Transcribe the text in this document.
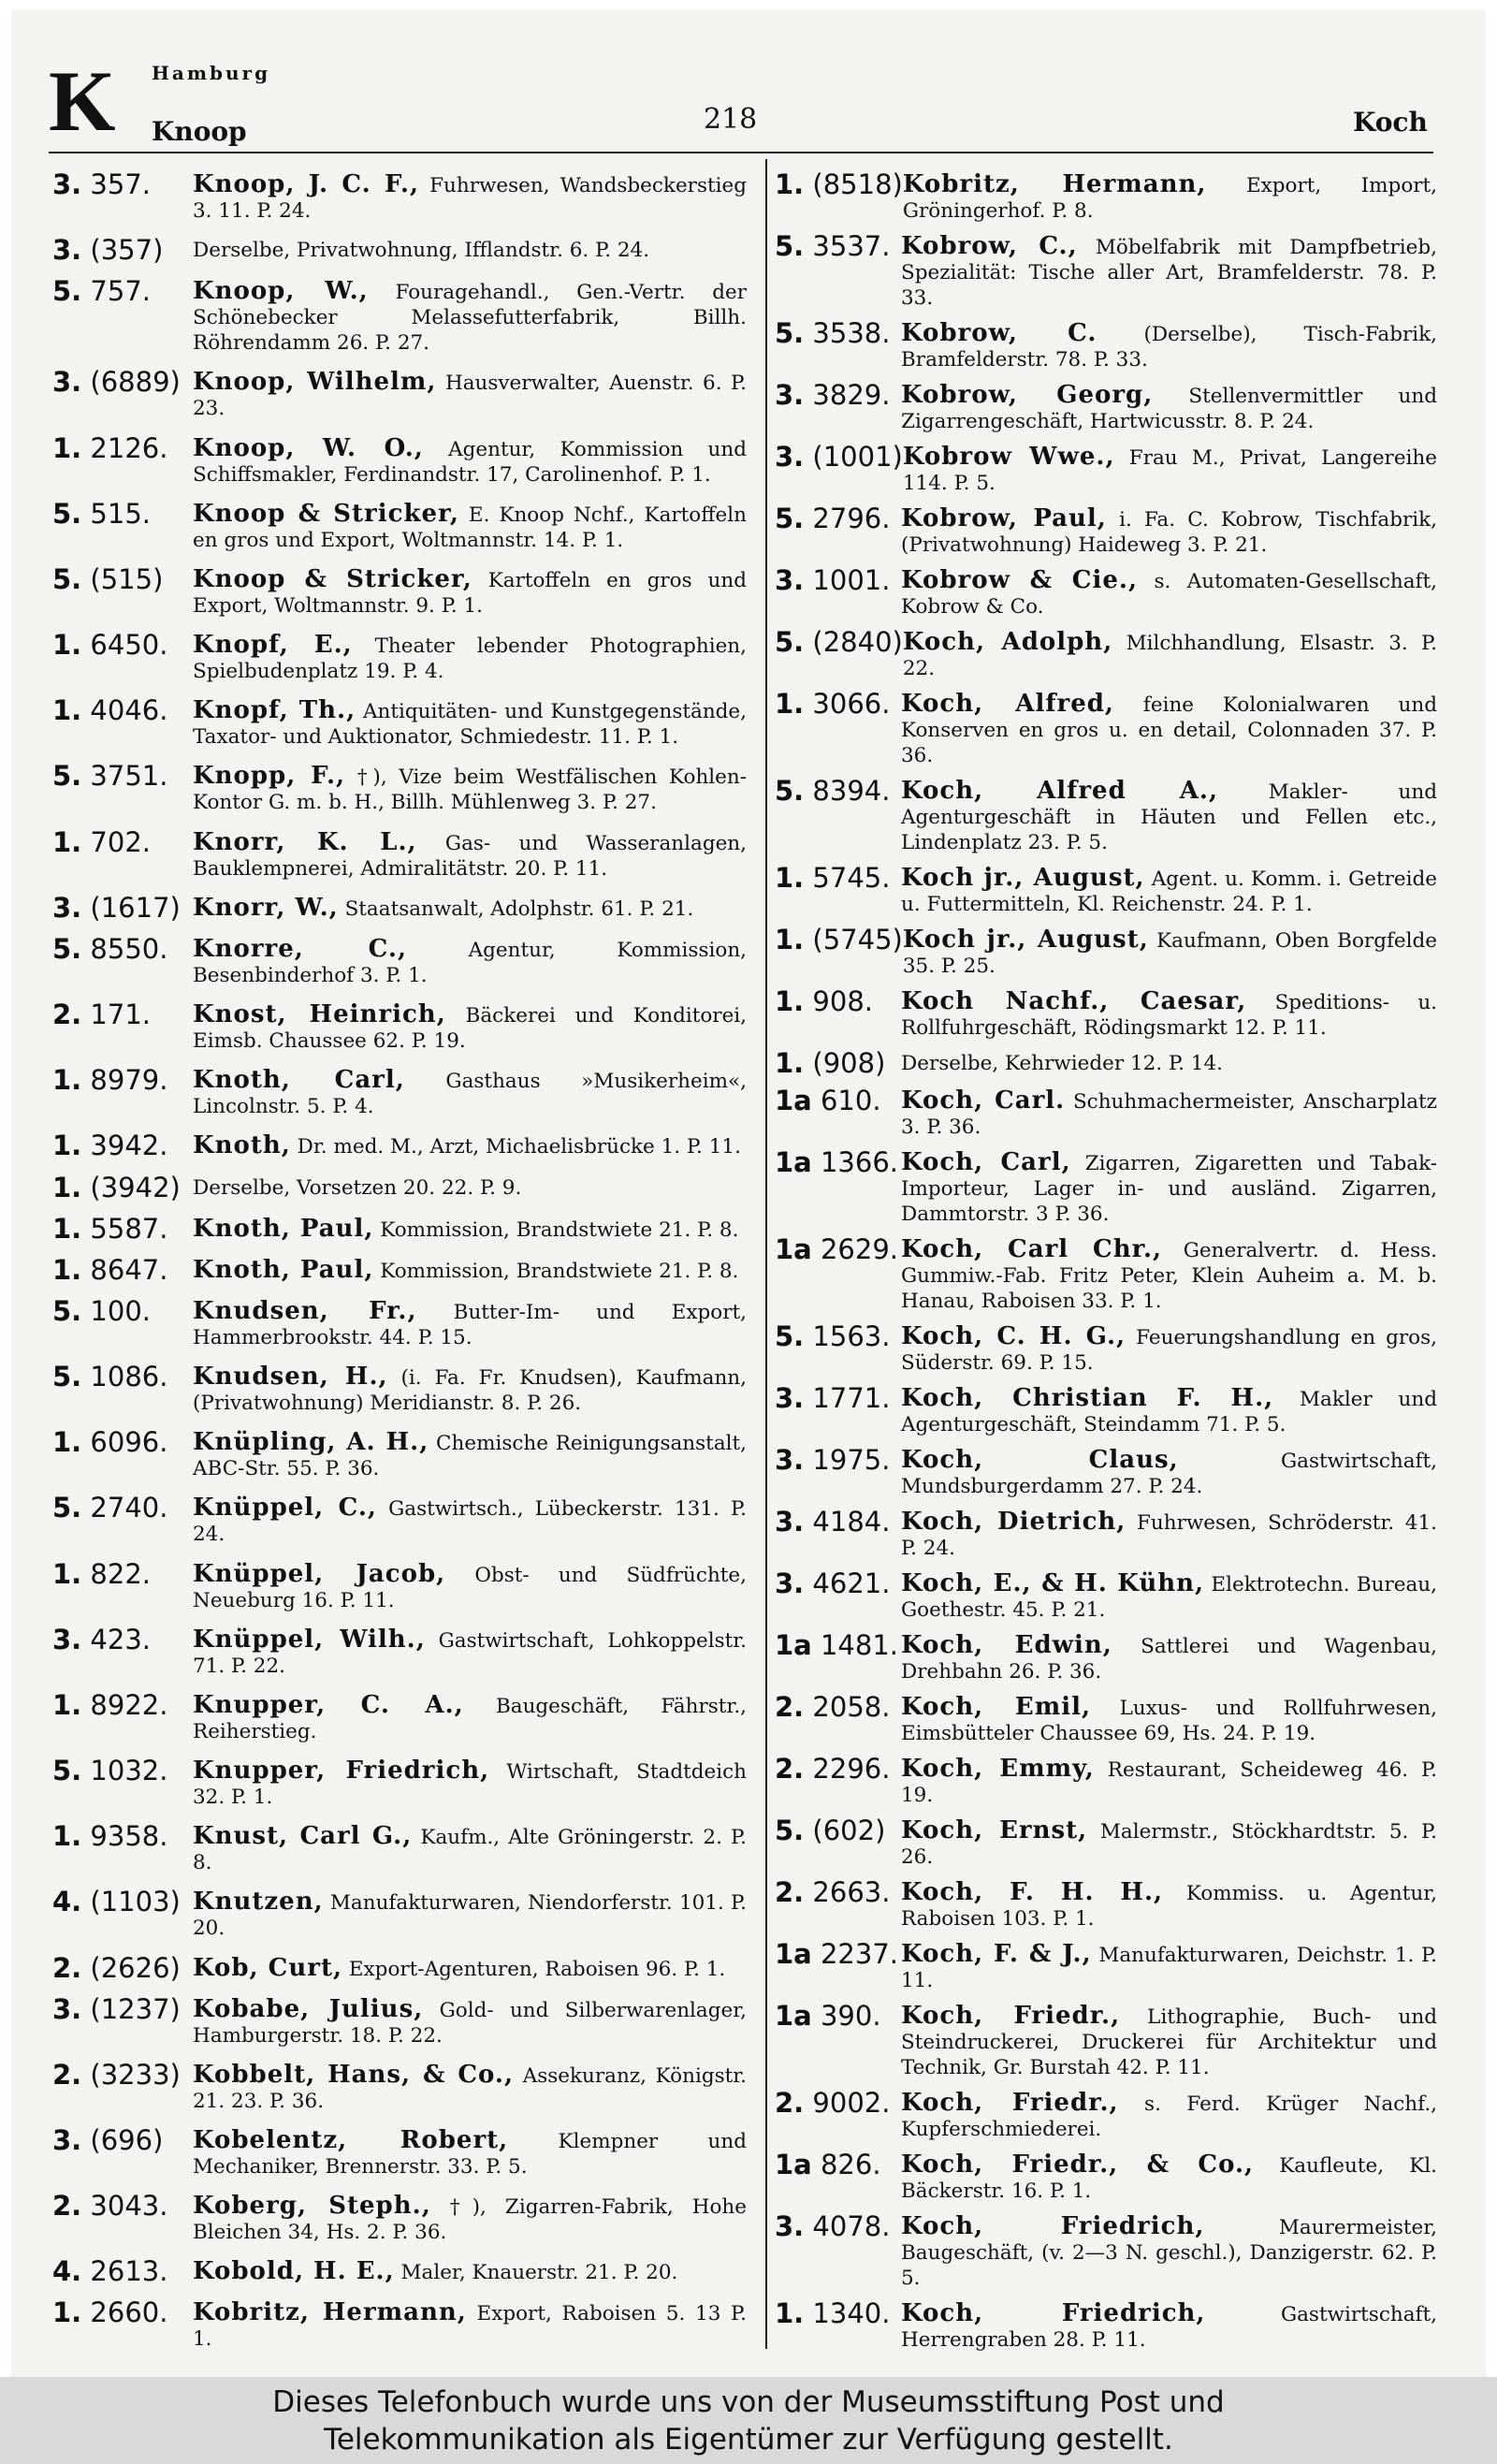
K Hamburg
Knoop	218	Koch
3. 357.	Knoop, J. C. F., Fuhrwesen, Wandsbeckerstieg 3. 11. P. 24.
3. (357)	Derselbe, Privatwohnung, Ifflandstr. 6. P. 24.
5. 757.	Knoop, W., Fouragehandl., Gen.-Vertr. der Schönebecker Melassefutterfabrik, Billh. Röhrendamm 26. P. 27.
3. (6889) Knoop, Wilhelm, Hausverwalter, Auenstr. 6. P. 23.
1. 2126.	Knoop, W. O., Agentur, Kommission und Schiffsmakler, Ferdinandstr. 17, Carolinenhof. P. 1.
5. 515.	Knoop & Stricker, E. Knoop Nchf., Kartoffeln en gros und Export, Woltmannstr. 14. P. 1.
5. (515)	Knoop & Stricker, Kartoffeln en gros und Export, Woltmannstr. 9. P. 1.
1. 6450.	Knopf, E., Theater lebender Photographien, Spielbudenplatz 19. P. 4.
1. 4046.	Knopf, Th., Antiquitäten- und Kunstgegenstände, Taxator- und Auktionator, Schmiedestr. 11. P. 1.
5. 3751.	Knopp, F., †), Vize beim Westfälischen Kohlen-Kontor G. m. b. H., Billh. Mühlenweg 3. P. 27.
1. 702.	Knorr, K. L., Gas- und Wasseranlagen, Bauklempnerei, Admiralitätstr. 20. P. 11.
3. (1617) Knorr, W., Staatsanwalt, Adolphstr. 61. P. 21.
5. 8550.	Knorre, C.,	Agentur, Kommission, Besenbinderhof 3. P. 1.
2. 171.	Knost, Heinrich, Bäckerei und Konditorei, Eimsb. Chaussee 62. P. 19.
1. 8979.	Knoth, Carl, Gasthaus »Musikerheim«, Lincolnstr. 5. P. 4.
1. 3942.	Knoth, Dr. med. M., Arzt, Michaelisbrücke 1. P. 11.
1. (3942) Derselbe, Vorsetzen 20. 22. P. 9.
1. 5587.	Knoth, Paul, Kommission, Brandstwiete 21. P. 8.
1. 8647.	Knoth, Paul, Kommission, Brandstwiete 21. P. 8.
5. 100.	Knudsen, Fr., Butter-Im- und Export, Hammerbrookstr. 44. P. 15.
5. 1086.	Knudsen, H., (i. Fa. Fr. Knudsen), Kaufmann, (Privatwohnung) Meridianstr. 8. P. 26.
1. 6096.	Knüpling, A. H., Chemische Reinigungsanstalt, ABC-Str. 55. P. 36.
5. 2740.	Knüppel, C., Gastwirtsch., Lübeckerstr. 131. P. 24.
1. 822.	Knüppel, Jacob, Obst- und Südfrüchte, Neueburg 16. P. 11.
3. 423.	Knüppel, Wilh., Gastwirtschaft, Lohkoppelstr. 71. P. 22.
1. 8922.	Knupper, C. A., Baugeschäft, Fährstr., Reiherstieg.
5. 1032.	Knupper, Friedrich, Wirtschaft, Stadtdeich 32. P. 1.
1. 9358.	Knust, Carl G., Kaufm., Alte Gröningerstr. 2. P. 8.
4. (1103) Knutzen, Manufakturwaren, Niendorferstr. 101. P. 20.
2. (2626) Kob, Curt, Export-Agenturen, Raboisen 96. P. 1.
3. (1237) Kobabe, Julius, Gold- und Silberwarenlager, Hamburgerstr. 18. P. 22.
2. (3233) Kobbelt, Hans, & Co., Assekuranz, Königstr. 21. 23. P. 36.
3. (696)	Kobelentz, Robert, Klempner und Mechaniker, Brennerstr. 33. P. 5.
2. 3043.	Koberg, Steph., †), Zigarren-Fabrik, Hohe Bleichen 34, Hs. 2. P. 36.
4. 2613.	Kobold, H. E., Maler, Knauerstr. 21. P. 20.
1. 2660.	Kobritz, Hermann, Export, Raboisen 5. 13 P. 1.
1. (8518) Kobritz, Hermann, Export, Import, Gröningerhof. P. 8.
5. 3537. Kobrow, C., Möbelfabrik mit Dampfbetrieb, Spezialität: Tische aller Art, Bramfelderstr. 78. P. 33.
5. 3538. Kobrow, C. (Derselbe), Tisch-Fabrik, Bramfelderstr. 78. P. 33.
3. 3829. Kobrow, Georg, Stellenvermittler und Zigarrengeschäft, Hartwicusstr. 8. P. 24.
3. (1001) Kobrow Wwe., Frau M., Privat, Langereihe 114. P. 5.
5. 2796. Kobrow, Paul, i. Fa. C. Kobrow, Tischfabrik, (Privatwohnung) Haideweg 3. P. 21.
3. 1001. Kobrow & Cie., s. Automaten-Gesellschaft, Kobrow & Co.
5. (2840) Koch, Adolph, Milchhandlung, Elsastr. 3. P. 22.
1. 3066. Koch, Alfred, feine Kolonialwaren und Konserven en gros u. en detail, Colonnaden 37. P. 36.
5. 8394. Koch, Alfred A.,	Makler- und Agenturgeschäft in Häuten und Fellen etc., Lindenplatz 23. P. 5.
1. 5745. Koch jr., August, Agent. u. Komm. i. Getreide u. Futtermitteln, Kl. Reichenstr. 24. P. 1.
1. (5745) Koch jr., August, Kaufmann, Oben Borgfelde 35. P. 25.
1. 908.	Koch Nachf., Caesar, Speditions- u. Rollfuhrgeschäft, Rödingsmarkt 12. P. 11.
1. (908) Derselbe, Kehrwieder 12. P. 14.
1a 610. Koch, Carl. Schuhmachermeister, Anscharplatz 3. P. 36.
1a 1366. Koch, Carl, Zigarren, Zigaretten und Tabak-Importeur, Lager in- und ausländ. Zigarren, Dammtorstr. 3 P. 36.
1a 2629. Koch, Carl Chr., Generalvertr. d. Hess. Gummiw.-Fab. Fritz Peter, Klein Auheim a. M. b. Hanau, Raboisen 33. P. 1.
5. 1563. Koch, C. H. G., Feuerungshandlung en gros, Süderstr. 69. P. 15.
3. 1771. Koch, Christian F. H., Makler und Agenturgeschäft, Steindamm 71. P. 5.
3. 1975. Koch, Claus,	Gastwirtschaft, Mundsburgerdamm 27. P. 24.
3. 4184. Koch, Dietrich, Fuhrwesen, Schröderstr. 41. P. 24.
3. 4621. Koch, E., & H. Kühn, Elektrotechn. Bureau, Goethestr. 45. P. 21.
1a 1481. Koch, Edwin, Sattlerei und Wagenbau, Drehbahn 26. P. 36.
2. 2058. Koch, Emil, Luxus- und Rollfuhrwesen, Eimsbütteler Chaussee 69, Hs. 24. P. 19.
2. 2296. Koch, Emmy, Restaurant, Scheideweg 46. P. 19.
5. (602) Koch, Ernst, Malermstr., Stöckhardtstr. 5. P. 26.
2. 2663. Koch, F. H. H., Kommiss. u. Agentur, Raboisen 103. P. 1.
1a 2237. Koch, F. & J., Manufakturwaren, Deichstr. 1. P. 11.
1a 390. Koch, Friedr., Lithographie, Buch- und Steindruckerei, Druckerei für Architektur und Technik, Gr. Burstah 42. P. 11.
2. 9002. Koch, Friedr., s. Ferd. Krüger Nachf., Kupferschmiederei.
1a 826. Koch, Friedr., & Co., Kaufleute, Kl. Bäckerstr. 16. P. 1.
3. 4078. Koch, Friedrich,	Maurermeister, Baugeschäft, (v. 2—3 N. geschl.), Danzigerstr. 62. P. 5.
1. 1340. Koch, Friedrich,	Gastwirtschaft, Herrengraben 28. P. 11.
Dieses Telefonbuch wurde uns von der Museumsstiftung Post und
Telekommunikation als Eigentümer zur Verfügung gestellt.
